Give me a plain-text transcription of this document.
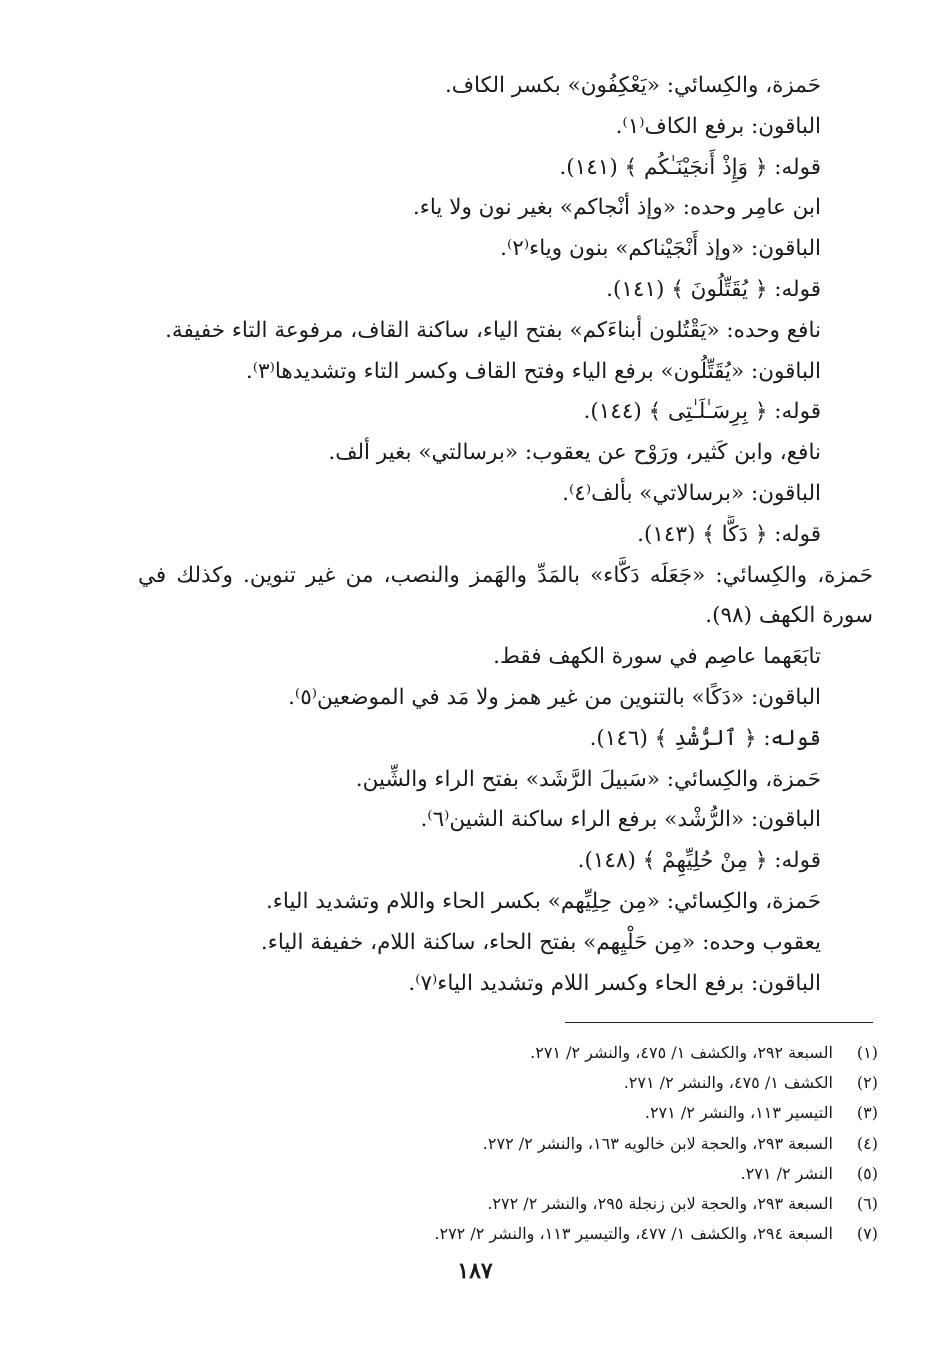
حَمزة، والكِسائي: «يَعْكِفُون» بكسر الكاف.
الباقون: برفع الكاف⁽١⁾.
قوله: ﴿ وَإِذْ أَنجَيْنَـٰكُم ﴾ (١٤١).
ابن عامِر وحده: «وإذ أنْجاكم» بغير نون ولا ياء.
الباقون: «وإذ أَنْجَيْناكم» بنون وياء⁽٢⁾.
قوله: ﴿ يُقَتِّلُونَ ﴾ (١٤١).
نافع وحده: «يَقْتُلون أبناءَكم» بفتح الياء، ساكنة القاف، مرفوعة التاء خفيفة.
الباقون: «يُقَتِّلُون» برفع الياء وفتح القاف وكسر التاء وتشديدها⁽٣⁾.
قوله: ﴿ بِرِسَـٰلَـٰتِى ﴾ (١٤٤).
نافع، وابن كَثير، ورَوْح عن يعقوب: «برسالتي» بغير ألف.
الباقون: «برسالاتي» بألف⁽٤⁾.
قوله: ﴿ دَكًّا ﴾ (١٤٣).
حَمزة، والكِسائي: «جَعَلَه دَكَّاء» بالمَدِّ والهَمز والنصب، من غير تنوين. وكذلك في
سورة الكهف (٩٨).
تابَعَهما عاصِم في سورة الكهف فقط.
الباقون: «دَكًا» بالتنوين من غير همز ولا مَد في الموضعين⁽٥⁾.
قوله: ﴿ ٱلرُّشْدِ ﴾ (١٤٦).
حَمزة، والكِسائي: «سَبيلَ الرَّشَد» بفتح الراء والشِّين.
الباقون: «الرُّشْد» برفع الراء ساكنة الشين⁽٦⁾.
قوله: ﴿ مِنْ حُلِيِّهِمْ ﴾ (١٤٨).
حَمزة، والكِسائي: «مِن حِلِيِّهم» بكسر الحاء واللام وتشديد الياء.
يعقوب وحده: «مِن حَلْيِهم» بفتح الحاء، ساكنة اللام، خفيفة الياء.
الباقون: برفع الحاء وكسر اللام وتشديد الياء⁽٧⁾.
(١) السبعة ٢٩٢، والكشف ١/ ٤٧٥، والنشر ٢/ ٢٧١.
(٢) الكشف ١/ ٤٧٥، والنشر ٢/ ٢٧١.
(٣) التيسير ١١٣، والنشر ٢/ ٢٧١.
(٤) السبعة ٢٩٣، والحجة لابن خالويه ١٦٣، والنشر ٢/ ٢٧٢.
(٥) النشر ٢/ ٢٧١.
(٦) السبعة ٢٩٣، والحجة لابن زنجلة ٢٩٥، والنشر ٢/ ٢٧٢.
(٧) السبعة ٢٩٤، والكشف ١/ ٤٧٧، والتيسير ١١٣، والنشر ٢/ ٢٧٢.
١٨٧
